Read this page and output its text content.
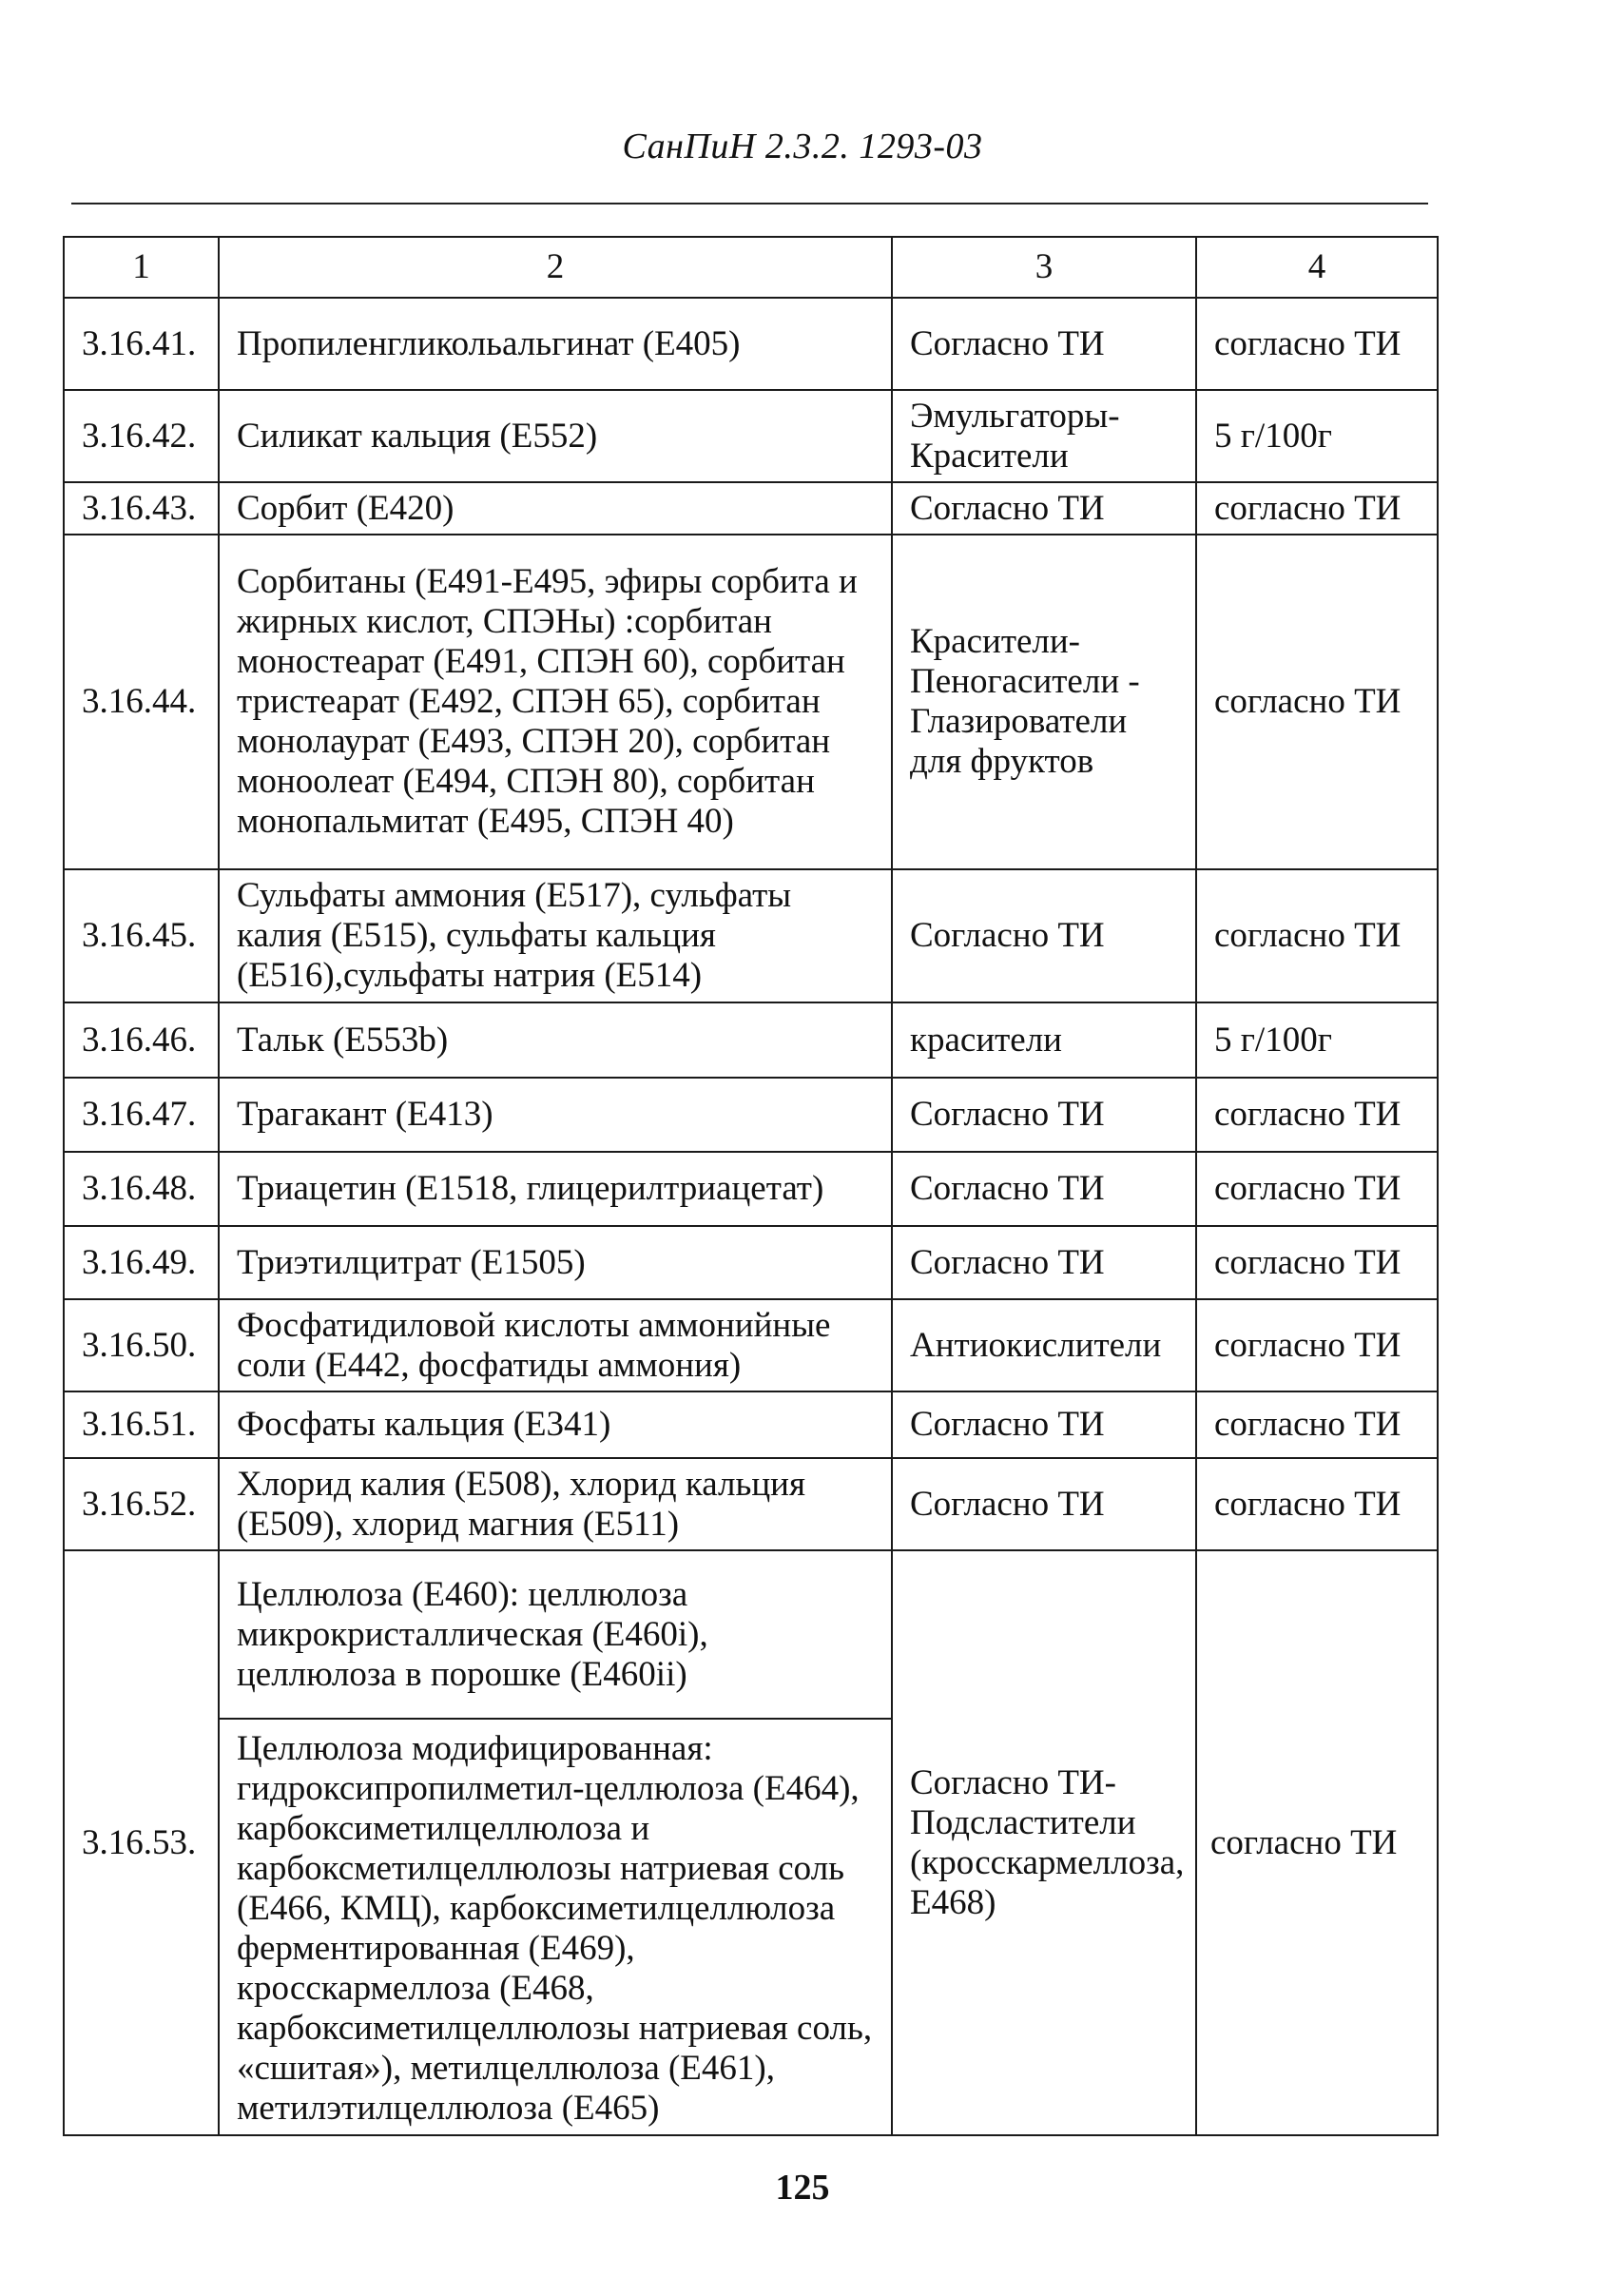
СанПиН 2.3.2. 1293-03
1	2	3	4
3.16.41.	Пропиленгликольальгинат (Е405)	Согласно ТИ	согласно ТИ
3.16.42.	Силикат кальция (Е552)	Эмульгаторы-Красители	5 г/100г
3.16.43.	Сорбит (Е420)	Согласно ТИ	согласно ТИ
3.16.44.	Сорбитаны (Е491-Е495, эфиры сорбита и жирных кислот, СПЭНы) :сорбитан моностеарат (Е491, СПЭН 60), сорбитан тристеарат (Е492, СПЭН 65), сорбитан монолаурат (Е493, СПЭН 20), сорбитан моноолеат (Е494, СПЭН 80), сорбитан монопальмитат (Е495, СПЭН 40)	Красители-Пеногасители - Глазирователи для фруктов	согласно ТИ
3.16.45.	Сульфаты аммония (Е517), сульфаты калия (Е515), сульфаты кальция (Е516),сульфаты натрия (Е514)	Согласно ТИ	согласно ТИ
3.16.46.	Тальк (Е553b)	красители	5 г/100г
3.16.47.	Трагакант (Е413)	Согласно ТИ	согласно ТИ
3.16.48.	Триацетин (Е1518, глицерилтриацетат)	Согласно ТИ	согласно ТИ
3.16.49.	Триэтилцитрат (Е1505)	Согласно ТИ	согласно ТИ
3.16.50.	Фосфатидиловой кислоты аммонийные соли (Е442, фосфатиды аммония)	Антиокислители	согласно ТИ
3.16.51.	Фосфаты кальция (Е341)	Согласно ТИ	согласно ТИ
3.16.52.	Хлорид калия (Е508), хлорид кальция (Е509), хлорид магния (Е511)	Согласно ТИ	согласно ТИ
3.16.53.	Целлюлоза (Е460): целлюлоза микрокристаллическая (Е460i), целлюлоза в порошке (Е460ii)	Согласно ТИ-Подсластители (кросскармеллоза, Е468)	согласно ТИ
	Целлюлоза модифицированная: гидроксипропилметил-целлюлоза (Е464), карбоксиметилцеллюлоза и карбоксметилцеллюлозы натриевая соль (Е466, КМЦ), карбоксиметилцеллюлоза ферментированная (Е469), кросскармеллоза (Е468, карбоксиметилцеллюлозы натриевая соль, «сшитая»), метилцеллюлоза (Е461), метилэтилцеллюлоза (Е465)		
125
